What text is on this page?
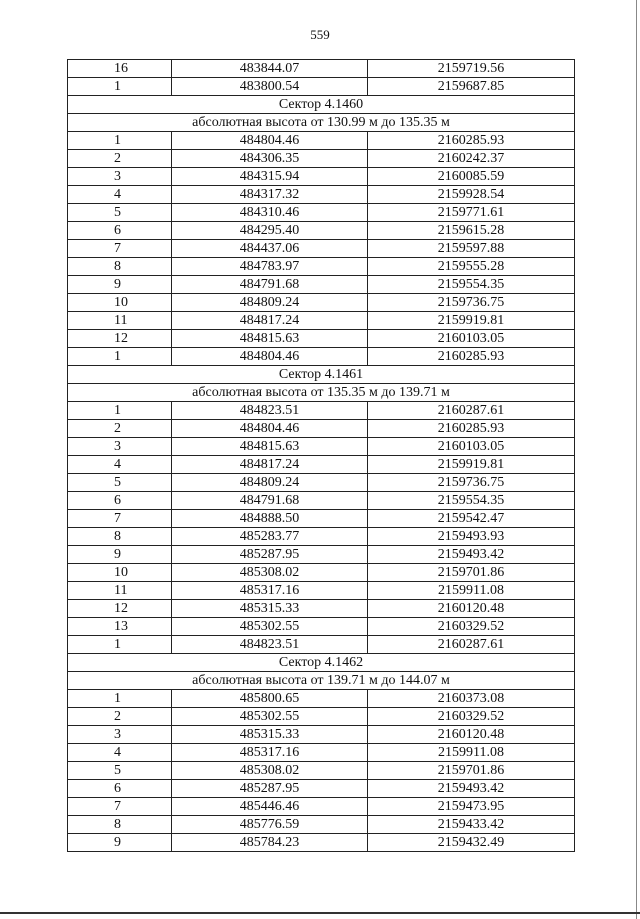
559
16	483844.07	2159719.56
1	483800.54	2159687.85
Сектор 4.1460		
абсолютная высота от 130.99 м до 135.35 м		
1	484804.46	2160285.93
2	484306.35	2160242.37
3	484315.94	2160085.59
4	484317.32	2159928.54
5	484310.46	2159771.61
6	484295.40	2159615.28
7	484437.06	2159597.88
8	484783.97	2159555.28
9	484791.68	2159554.35
10	484809.24	2159736.75
11	484817.24	2159919.81
12	484815.63	2160103.05
1	484804.46	2160285.93
Сектор 4.1461		
абсолютная высота от 135.35 м до 139.71 м		
1	484823.51	2160287.61
2	484804.46	2160285.93
3	484815.63	2160103.05
4	484817.24	2159919.81
5	484809.24	2159736.75
6	484791.68	2159554.35
7	484888.50	2159542.47
8	485283.77	2159493.93
9	485287.95	2159493.42
10	485308.02	2159701.86
11	485317.16	2159911.08
12	485315.33	2160120.48
13	485302.55	2160329.52
1	484823.51	2160287.61
Сектор 4.1462		
абсолютная высота от 139.71 м до 144.07 м		
1	485800.65	2160373.08
2	485302.55	2160329.52
3	485315.33	2160120.48
4	485317.16	2159911.08
5	485308.02	2159701.86
6	485287.95	2159493.42
7	485446.46	2159473.95
8	485776.59	2159433.42
9	485784.23	2159432.49
